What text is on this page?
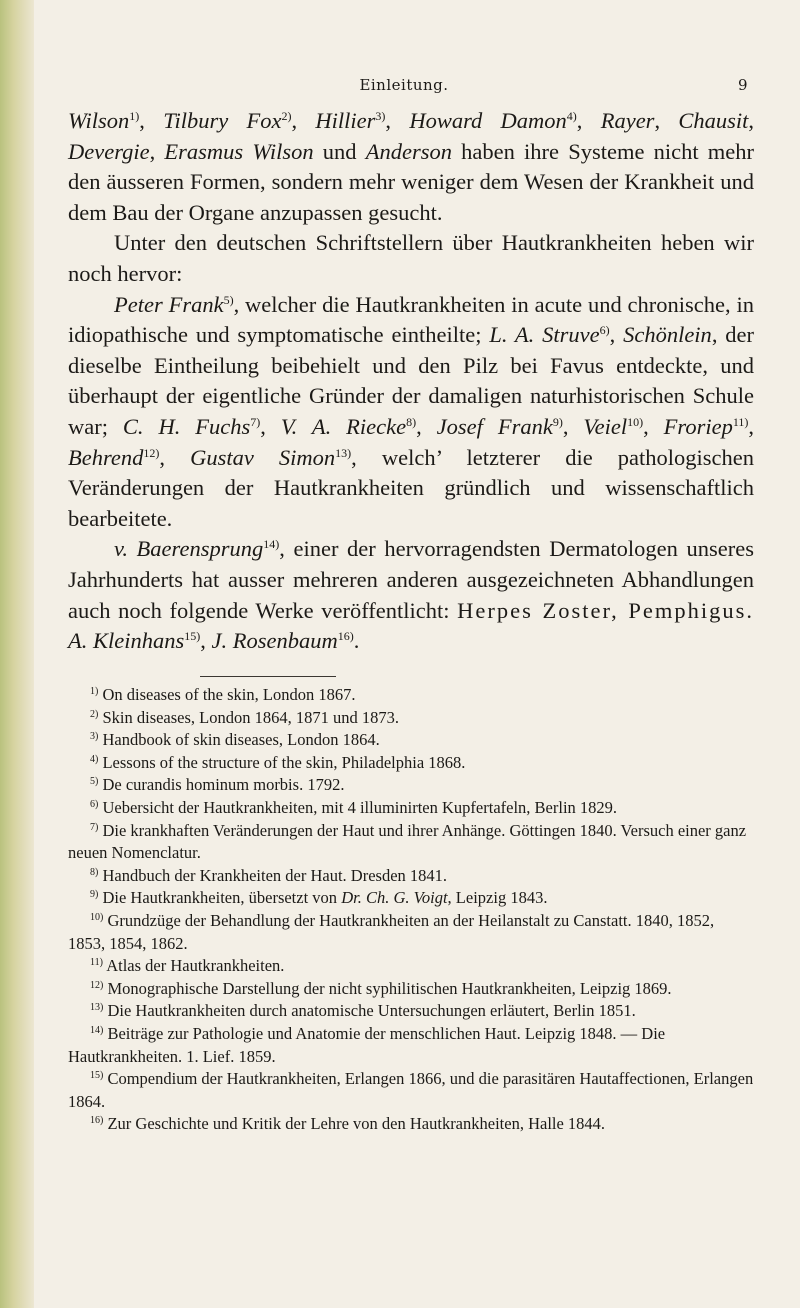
Einleitung.	9

Wilson$^{1)}$, Tilbury Fox$^{2)}$, Hillier$^{3)}$, Howard Damon$^{4)}$, Rayer, Chausit, Devergie, Erasmus Wilson und Anderson haben ihre Systeme nicht mehr den äusseren Formen, sondern mehr weniger dem Wesen der Krankheit und dem Bau der Organe anzupassen gesucht.

Unter den deutschen Schriftstellern über Hautkrankheiten heben wir noch hervor:

Peter Frank$^{5)}$, welcher die Hautkrankheiten in acute und chronische, in idiopathische und symptomatische eintheilte; L. A. Struve$^{6)}$, Schönlein, der dieselbe Eintheilung beibehielt und den Pilz bei Favus entdeckte, und überhaupt der eigentliche Gründer der damaligen naturhistorischen Schule war; C. H. Fuchs$^{7)}$, V. A. Riecke$^{8)}$, Josef Frank$^{9)}$, Veiel$^{10)}$, Froriep$^{11)}$, Behrend$^{12)}$, Gustav Simon$^{13)}$, welch’ letzterer die pathologischen Veränderungen der Hautkrankheiten gründlich und wissenschaftlich bearbeitete.

v. Baerensprung$^{14)}$, einer der hervorragendsten Dermatologen unseres Jahrhunderts hat ausser mehreren anderen ausgezeichneten Abhandlungen auch noch folgende Werke veröffentlicht: Herpes Zoster, Pemphigus. A. Kleinhans$^{15)}$, J. Rosenbaum$^{16)}$.

$^{1)}$ On diseases of the skin, London 1867.

$^{2)}$ Skin diseases, London 1864, 1871 und 1873.

$^{3)}$ Handbook of skin diseases, London 1864.

$^{4)}$ Lessons of the structure of the skin, Philadelphia 1868.

$^{5)}$ De curandis hominum morbis. 1792.

$^{6)}$ Uebersicht der Hautkrankheiten, mit 4 illuminirten Kupfertafeln, Berlin 1829.

$^{7)}$ Die krankhaften Veränderungen der Haut und ihrer Anhänge. Göttingen 1840. Versuch einer ganz neuen Nomenclatur.

$^{8)}$ Handbuch der Krankheiten der Haut. Dresden 1841.

$^{9)}$ Die Hautkrankheiten, übersetzt von Dr. Ch. G. Voigt, Leipzig 1843.

$^{10)}$ Grundzüge der Behandlung der Hautkrankheiten an der Heilanstalt zu Canstatt. 1840, 1852, 1853, 1854, 1862.

$^{11)}$ Atlas der Hautkrankheiten.

$^{12)}$ Monographische Darstellung der nicht syphilitischen Hautkrankheiten, Leipzig 1869.

$^{13)}$ Die Hautkrankheiten durch anatomische Untersuchungen erläutert, Berlin 1851.

$^{14)}$ Beiträge zur Pathologie und Anatomie der menschlichen Haut. Leipzig 1848. — Die Hautkrankheiten. 1. Lief. 1859.

$^{15)}$ Compendium der Hautkrankheiten, Erlangen 1866, und die parasitären Hautaffectionen, Erlangen 1864.

$^{16)}$ Zur Geschichte und Kritik der Lehre von den Hautkrankheiten, Halle 1844.
